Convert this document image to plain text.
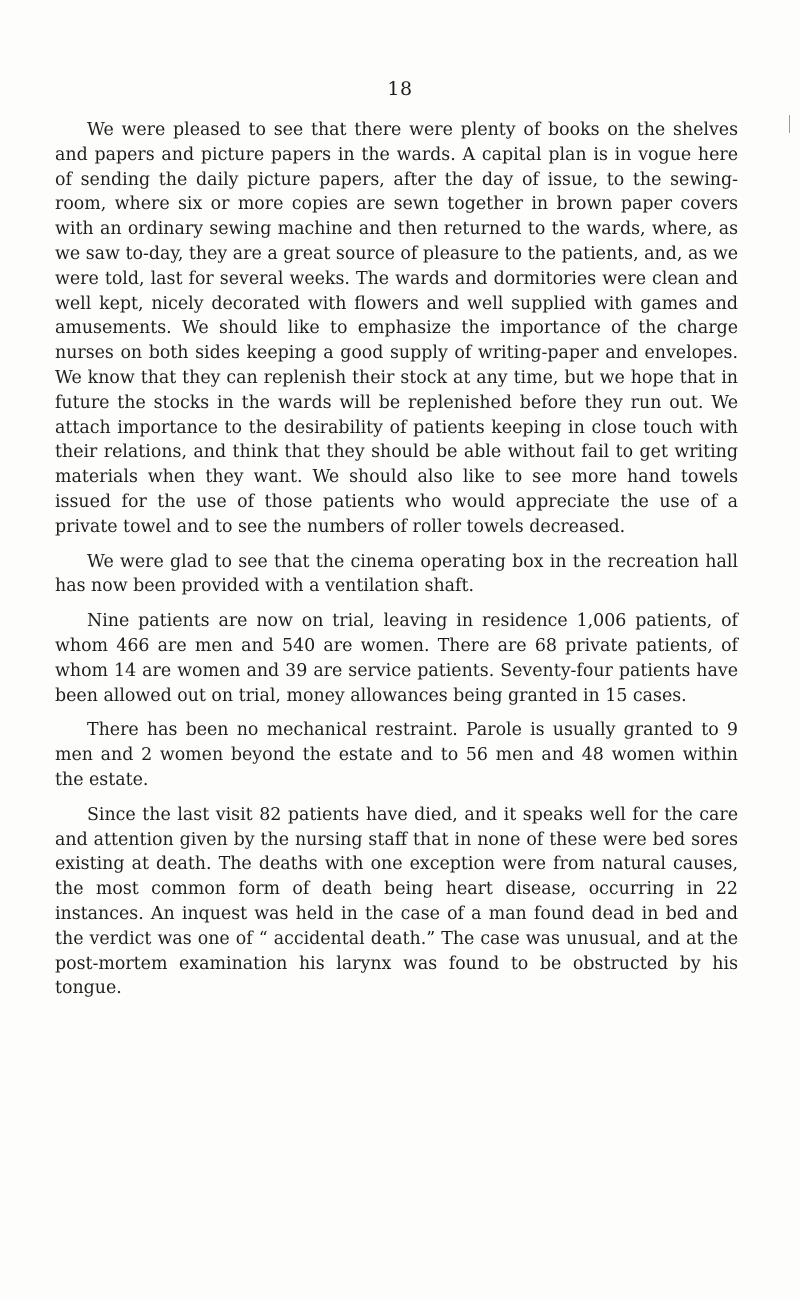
18

We were pleased to see that there were plenty of books on the shelves and papers and picture papers in the wards. A capital plan is in vogue here of sending the daily picture papers, after the day of issue, to the sewing-room, where six or more copies are sewn together in brown paper covers with an ordinary sewing machine and then returned to the wards, where, as we saw to-day, they are a great source of pleasure to the patients, and, as we were told, last for several weeks. The wards and dormitories were clean and well kept, nicely decorated with flowers and well supplied with games and amusements. We should like to emphasize the importance of the charge nurses on both sides keeping a good supply of writing-paper and envelopes. We know that they can replenish their stock at any time, but we hope that in future the stocks in the wards will be replenished before they run out. We attach importance to the desirability of patients keeping in close touch with their relations, and think that they should be able without fail to get writing materials when they want. We should also like to see more hand towels issued for the use of those patients who would appreciate the use of a private towel and to see the numbers of roller towels decreased.

We were glad to see that the cinema operating box in the recreation hall has now been provided with a ventilation shaft.

Nine patients are now on trial, leaving in residence 1,006 patients, of whom 466 are men and 540 are women. There are 68 private patients, of whom 14 are women and 39 are service patients. Seventy-four patients have been allowed out on trial, money allowances being granted in 15 cases.

There has been no mechanical restraint. Parole is usually granted to 9 men and 2 women beyond the estate and to 56 men and 48 women within the estate.

Since the last visit 82 patients have died, and it speaks well for the care and attention given by the nursing staff that in none of these were bed sores existing at death. The deaths with one exception were from natural causes, the most common form of death being heart disease, occurring in 22 instances. An inquest was held in the case of a man found dead in bed and the verdict was one of “ accidental death.” The case was unusual, and at the post-mortem examination his larynx was found to be obstructed by his tongue.
